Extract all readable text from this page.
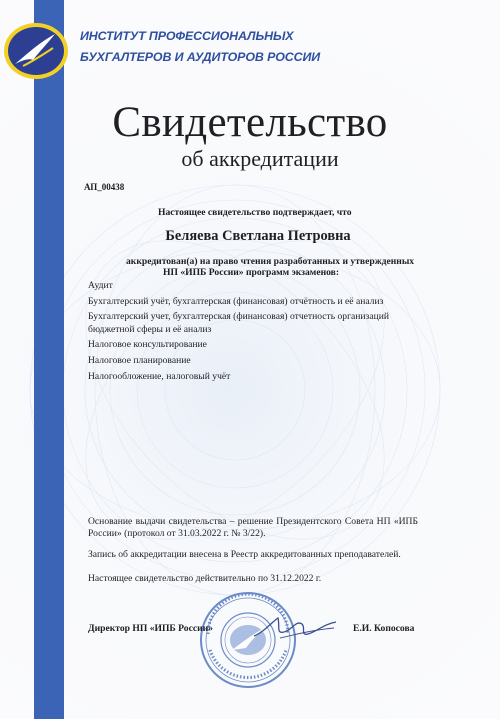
ИНСТИТУТ ПРОФЕССИОНАЛЬНЫХ
БУХГАЛТЕРОВ И АУДИТОРОВ РОССИИ
Свидетельство
об аккредитации
АП_00438
Настоящее свидетельство подтверждает, что
Беляева Светлана Петровна
аккредитован(а) на право чтения разработанных и утвержденных
НП «ИПБ России» программ экзаменов:
Аудит
Бухгалтерский учёт, бухгалтерская (финансовая) отчётность и её анализ
Бухгалтерский учет, бухгалтерская (финансовая) отчетность организаций бюджетной сферы и её анализ
Налоговое консультирование
Налоговое планирование
Налогообложение, налоговый учёт
Основание выдачи свидетельства – решение Президентского Совета НП «ИПБ России» (протокол от 31.03.2022 г. № 3/22).
Запись об аккредитации внесена в Реестр аккредитованных преподавателей.
Настоящее свидетельство действительно по 31.12.2022 г.
Директор НП «ИПБ России»	Е.И. Копосова
